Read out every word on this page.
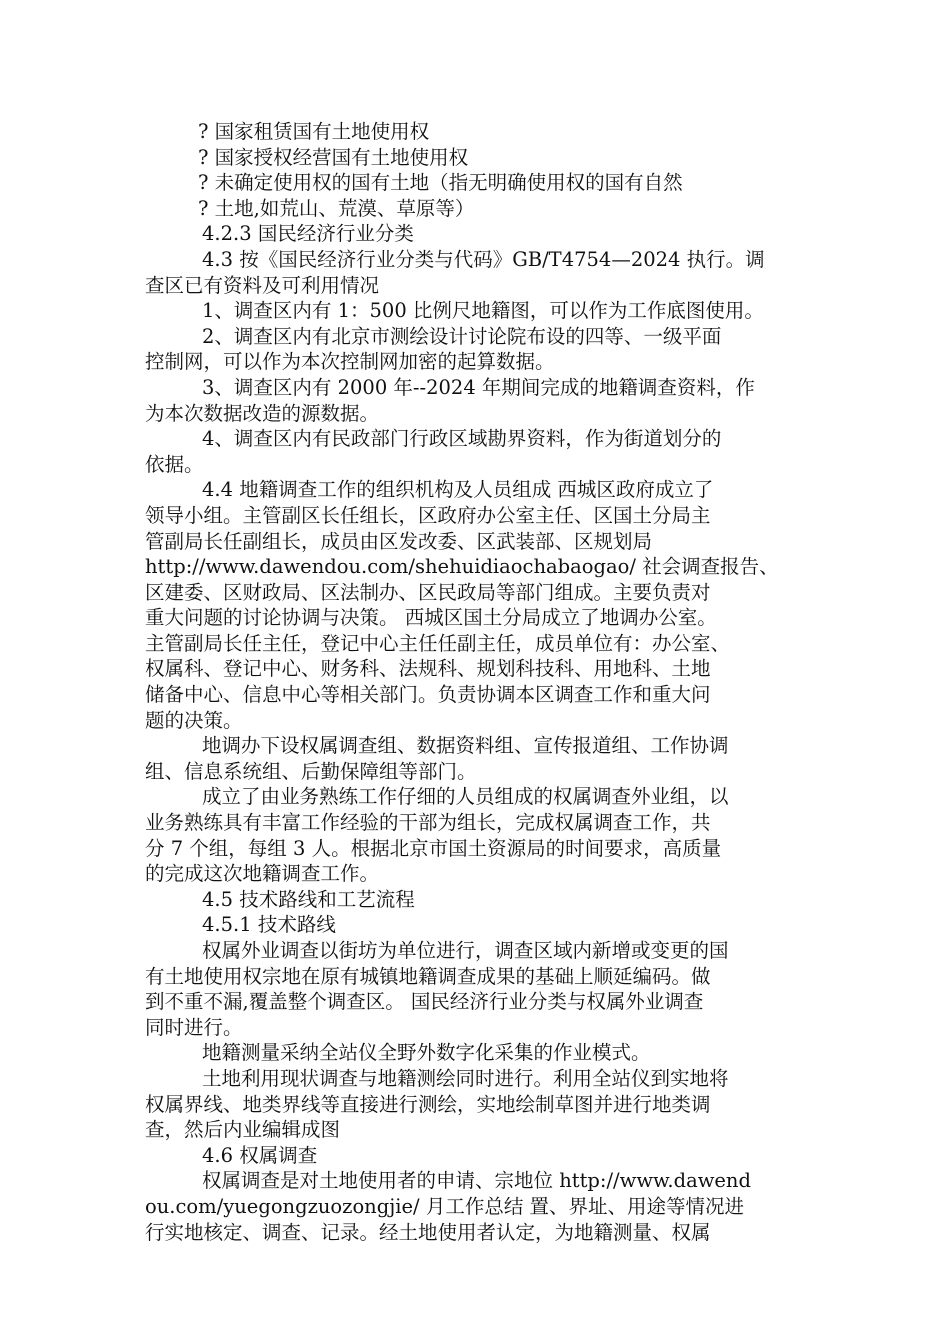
? 国家租赁国有土地使用权
? 国家授权经营国有土地使用权
? 未确定使用权的国有土地（指无明确使用权的国有自然
? 土地,如荒山、荒漠、草原等）
4.2.3 国民经济行业分类
4.3 按《国民经济行业分类与代码》GB/T4754—2024 执行。调
查区已有资料及可利用情况
1、调查区内有 1：500 比例尺地籍图，可以作为工作底图使用。
2、调查区内有北京市测绘设计讨论院布设的四等、一级平面
控制网，可以作为本次控制网加密的起算数据。
3、调查区内有 2000 年--2024 年期间完成的地籍调查资料，作
为本次数据改造的源数据。
4、调查区内有民政部门行政区域勘界资料，作为街道划分的
依据。
4.4 地籍调查工作的组织机构及人员组成 西城区政府成立了
领导小组。主管副区长任组长，区政府办公室主任、区国土分局主
管副局长任副组长，成员由区发改委、区武装部、区规划局
http://www.dawendou.com/shehuidiaochabaogao/ 社会调查报告、
区建委、区财政局、区法制办、区民政局等部门组成。主要负责对
重大问题的讨论协调与决策。 西城区国土分局成立了地调办公室。
主管副局长任主任，登记中心主任任副主任，成员单位有：办公室、
权属科、登记中心、财务科、法规科、规划科技科、用地科、土地
储备中心、信息中心等相关部门。负责协调本区调查工作和重大问
题的决策。
地调办下设权属调查组、数据资料组、宣传报道组、工作协调
组、信息系统组、后勤保障组等部门。
成立了由业务熟练工作仔细的人员组成的权属调查外业组，以
业务熟练具有丰富工作经验的干部为组长，完成权属调查工作，共
分 7 个组，每组 3 人。根据北京市国土资源局的时间要求，高质量
的完成这次地籍调查工作。
4.5 技术路线和工艺流程
4.5.1 技术路线
权属外业调查以街坊为单位进行，调查区域内新增或变更的国
有土地使用权宗地在原有城镇地籍调查成果的基础上顺延编码。做
到不重不漏,覆盖整个调查区。 国民经济行业分类与权属外业调查
同时进行。
地籍测量采纳全站仪全野外数字化采集的作业模式。
土地利用现状调查与地籍测绘同时进行。利用全站仪到实地将
权属界线、地类界线等直接进行测绘，实地绘制草图并进行地类调
查，然后内业编辑成图
4.6 权属调查
权属调查是对土地使用者的申请、宗地位 http://www.dawend
ou.com/yuegongzuozongjie/ 月工作总结 置、界址、用途等情况进
行实地核定、调查、记录。经土地使用者认定，为地籍测量、权属
